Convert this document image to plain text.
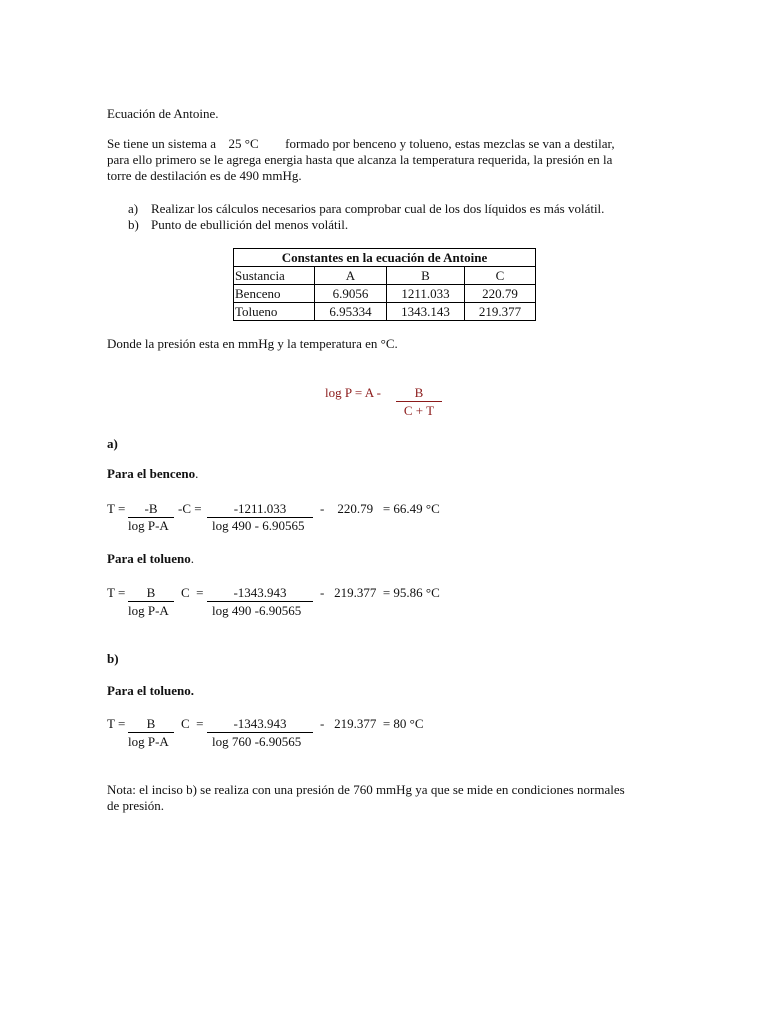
Ecuación de Antoine.
Se tiene un sistema a 25 °C formado por benceno y tolueno, estas mezclas se van a destilar,
para ello primero se le agrega energia hasta que alcanza la temperatura requerida, la presión en la
torre de destilación es de 490 mmHg.
a) Realizar los cálculos necesarios para comprobar cual de los dos líquidos es más volátil.
b) Punto de ebullición del menos volátil.
Constantes en la ecuación de Antoine			
Sustancia	A	B	C
Benceno	6.9056	1211.033	220.79
Tolueno	6.95334	1343.143	219.377
Donde la presión esta en mmHg y la temperatura en °C.
log P = A -	B
C + T
a)
Para el benceno.
T =	-B
log P-A
-C =	-1211.033
log 490 - 6.90565
-    220.79   = 66.49 °C
Para el tolueno.
T =	B
log P-A
C  =	-1343.943
log 490 -6.90565
-   219.377  = 95.86 °C
b)
Para el tolueno.
T =	B
log P-A
C  =	-1343.943
log 760 -6.90565
-   219.377  = 80 °C
Nota: el inciso b) se realiza con una presión de 760 mmHg ya que se mide en condiciones normales
de presión.
